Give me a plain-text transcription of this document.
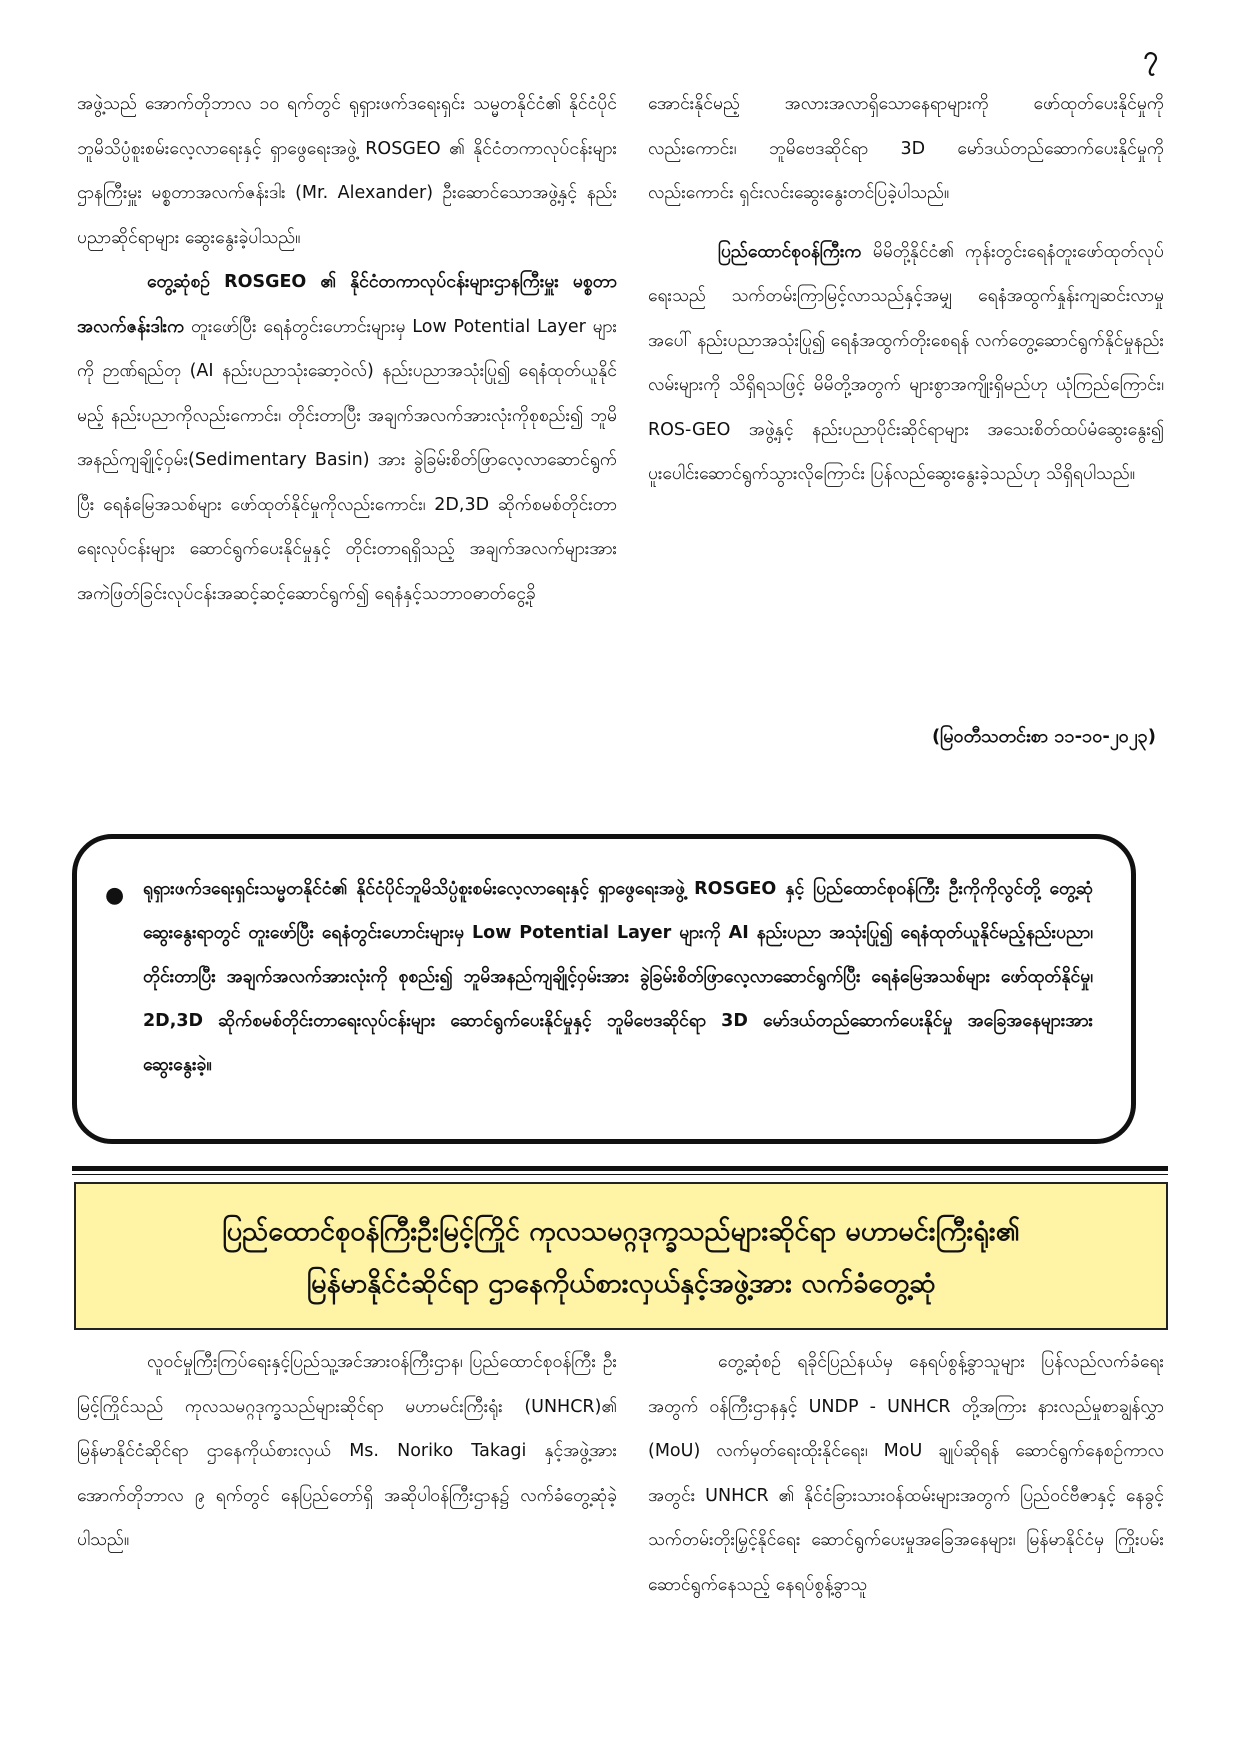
၇

အဖွဲ့သည် အောက်တိုဘာလ ၁၀ ရက်တွင် ရုရှားဖက်ဒရေးရှင်း သမ္မတနိုင်ငံ၏ နိုင်ငံပိုင်ဘူမိသိပ္ပံစူးစမ်းလေ့လာရေးနှင့် ရှာဖွေရေးအဖွဲ့ ROSGEO ၏ နိုင်ငံတကာလုပ်ငန်းများဌာနကြီးမှူး မစ္စတာအလက်ဇန်းဒါး (Mr. Alexander) ဦးဆောင်သောအဖွဲ့နှင့် နည်းပညာဆိုင်ရာများ ဆွေးနွေးခဲ့ပါသည်။

တွေ့ဆုံစဉ် ROSGEO ၏ နိုင်ငံတကာလုပ်ငန်းများဌာနကြီးမှူး မစ္စတာအလက်ဇန်းဒါးက တူးဖော်ပြီး ရေနံတွင်းဟောင်းများမှ Low Potential Layer များကို ဉာဏ်ရည်တု (AI နည်းပညာသုံးဆော့ဝဲလ်) နည်းပညာအသုံးပြု၍ ရေနံထုတ်ယူနိုင်မည့် နည်းပညာကိုလည်းကောင်း၊ တိုင်းတာပြီး အချက်အလက်အားလုံးကိုစုစည်း၍ ဘူမိအနည်ကျချိုင့်ဝှမ်း(Sedimentary Basin) အား ခွဲခြမ်းစိတ်ဖြာလေ့လာဆောင်ရွက်ပြီး ရေနံမြေအသစ်များ ဖော်ထုတ်နိုင်မှုကိုလည်းကောင်း၊ 2D,3D ဆိုက်စမစ်တိုင်းတာရေးလုပ်ငန်းများ ဆောင်ရွက်ပေးနိုင်မှုနှင့် တိုင်းတာရရှိသည့် အချက်အလက်များအား အကဲဖြတ်ခြင်းလုပ်ငန်းအဆင့်ဆင့်ဆောင်ရွက်၍ ရေနံနှင့်သဘာဝဓာတ်ငွေ့ခို

အောင်းနိုင်မည့် အလားအလာရှိသောနေရာများကို ဖော်ထုတ်ပေးနိုင်မှုကိုလည်းကောင်း၊ ဘူမိဗေဒဆိုင်ရာ 3D မော်ဒယ်တည်ဆောက်ပေးနိုင်မှုကိုလည်းကောင်း ရှင်းလင်းဆွေးနွေးတင်ပြခဲ့ပါသည်။

ပြည်ထောင်စုဝန်ကြီးက မိမိတို့နိုင်ငံ၏ ကုန်းတွင်းရေနံတူးဖော်ထုတ်လုပ်ရေးသည် သက်တမ်းကြာမြင့်လာသည်နှင့်အမျှ ရေနံအထွက်နှုန်းကျဆင်းလာမှုအပေါ် နည်းပညာအသုံးပြု၍ ရေနံအထွက်တိုးစေရန် လက်တွေ့ဆောင်ရွက်နိုင်မှုနည်းလမ်းများကို သိရှိရသဖြင့် မိမိတို့အတွက် များစွာအကျိုးရှိမည်ဟု ယုံကြည်ကြောင်း၊ ROS-GEO အဖွဲ့နှင့် နည်းပညာပိုင်းဆိုင်ရာများ အသေးစိတ်ထပ်မံဆွေးနွေး၍ ပူးပေါင်းဆောင်ရွက်သွားလိုကြောင်း ပြန်လည်ဆွေးနွေးခဲ့သည်ဟု သိရှိရပါသည်။

(မြဝတီသတင်းစာ ၁၁-၁၀-၂၀၂၃)
● ရုရှားဖက်ဒရေးရှင်းသမ္မတနိုင်ငံ၏ နိုင်ငံပိုင်ဘူမိသိပ္ပံစူးစမ်းလေ့လာရေးနှင့် ရှာဖွေရေးအဖွဲ့ ROSGEO နှင့် ပြည်ထောင်စုဝန်ကြီး ဦးကိုကိုလွင်တို့ တွေ့ဆုံဆွေးနွေးရာတွင် တူးဖော်ပြီး ရေနံတွင်းဟောင်းများမှ Low Potential Layer များကို AI နည်းပညာ အသုံးပြု၍ ရေနံထုတ်ယူနိုင်မည့်နည်းပညာ၊ တိုင်းတာပြီး အချက်အလက်အားလုံးကို စုစည်း၍ ဘူမိအနည်ကျချိုင့်ဝှမ်းအား ခွဲခြမ်းစိတ်ဖြာလေ့လာဆောင်ရွက်ပြီး ရေနံမြေအသစ်များ ဖော်ထုတ်နိုင်မှု၊ 2D,3D ဆိုက်စမစ်တိုင်းတာရေးလုပ်ငန်းများ ဆောင်ရွက်ပေးနိုင်မှုနှင့် ဘူမိဗေဒဆိုင်ရာ 3D မော်ဒယ်တည်ဆောက်ပေးနိုင်မှု အခြေအနေများအား ဆွေးနွေးခဲ့။

ပြည်ထောင်စုဝန်ကြီးဦးမြင့်ကြိုင် ကုလသမဂ္ဂဒုက္ခသည်များဆိုင်ရာ မဟာမင်းကြီးရုံး၏
မြန်မာနိုင်ငံဆိုင်ရာ ဌာနေကိုယ်စားလှယ်နှင့်အဖွဲ့အား လက်ခံတွေ့ဆုံ

လူဝင်မှုကြီးကြပ်ရေးနှင့်ပြည်သူ့အင်အားဝန်ကြီးဌာန၊ ပြည်ထောင်စုဝန်ကြီး ဦးမြင့်ကြိုင်သည် ကုလသမဂ္ဂဒုက္ခသည်များဆိုင်ရာ မဟာမင်းကြီးရုံး (UNHCR)၏ မြန်မာနိုင်ငံဆိုင်ရာ ဌာနေကိုယ်စားလှယ် Ms. Noriko Takagi နှင့်အဖွဲ့အား အောက်တိုဘာလ ၉ ရက်တွင် နေပြည်တော်ရှိ အဆိုပါဝန်ကြီးဌာန၌ လက်ခံတွေ့ဆုံခဲ့ပါသည်။

တွေ့ဆုံစဉ် ရခိုင်ပြည်နယ်မှ နေရပ်စွန့်ခွာသူများ ပြန်လည်လက်ခံရေးအတွက် ဝန်ကြီးဌာနနှင့် UNDP - UNHCR တို့အကြား နားလည်မှုစာချွန်လွှာ (MoU) လက်မှတ်ရေးထိုးနိုင်ရေး၊ MoU ချုပ်ဆိုရန် ဆောင်ရွက်နေစဉ်ကာလအတွင်း UNHCR ၏ နိုင်ငံခြားသားဝန်ထမ်းများအတွက် ပြည်ဝင်ဗီဇာနှင့် နေခွင့်သက်တမ်းတိုးမြှင့်နိုင်ရေး ဆောင်ရွက်ပေးမှုအခြေအနေများ၊ မြန်မာနိုင်ငံမှ ကြိုးပမ်းဆောင်ရွက်နေသည့် နေရပ်စွန့်ခွာသူ
